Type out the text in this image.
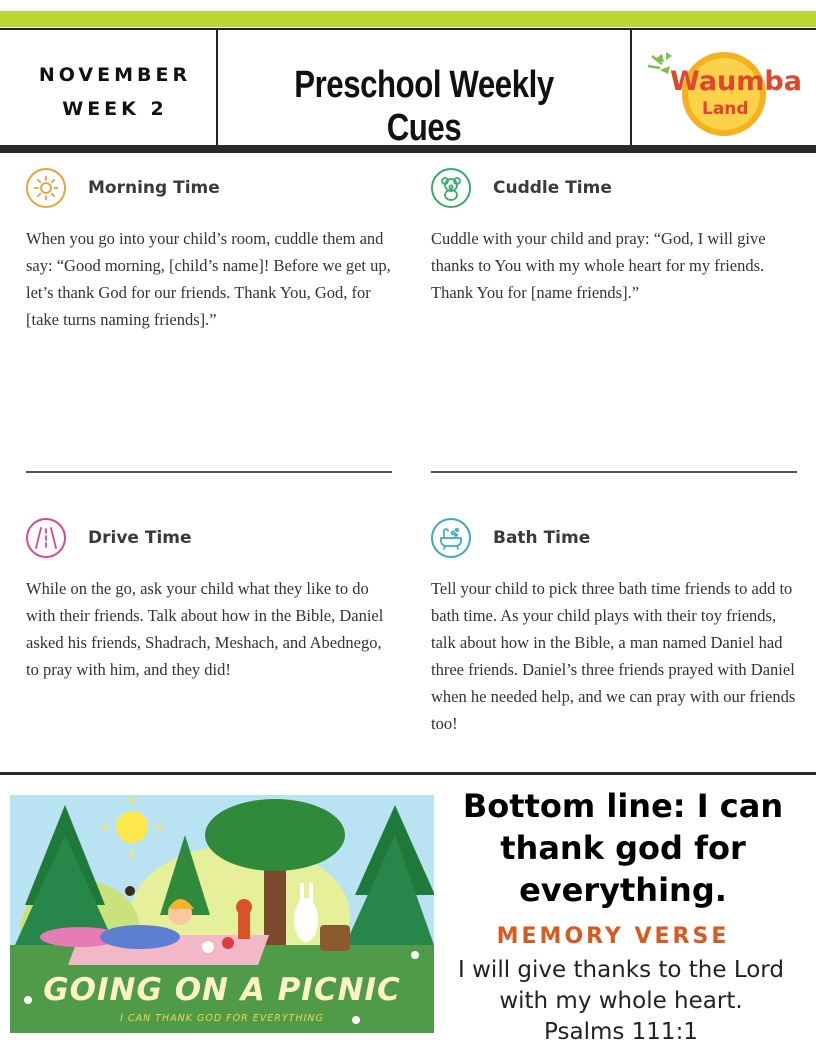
NOVEMBER
WEEK 2
Preschool Weekly Cues
Waumba
Land
Morning Time
When you go into your child’s room, cuddle them and say: “Good morning, [child’s name]! Before we get up, let’s thank God for our friends. Thank You, God, for [take turns naming friends].”
Cuddle Time
Cuddle with your child and pray: “God, I will give thanks to You with my whole heart for my friends. Thank You for [name friends].”
Drive Time
While on the go, ask your child what they like to do with their friends. Talk about how in the Bible, Daniel asked his friends, Shadrach, Meshach, and Abednego, to pray with him, and they did!
Bath Time
Tell your child to pick three bath time friends to add to bath time. As your child plays with their toy friends, talk about how in the Bible, a man named Daniel had three friends. Daniel’s three friends prayed with Daniel when he needed help, and we can pray with our friends too!
GOING ON A PICNIC
I CAN THANK GOD FOR EVERYTHING
Bottom line: I can thank god for everything.
MEMORY VERSE
I will give thanks to the Lord with my whole heart.
Psalms 111:1
